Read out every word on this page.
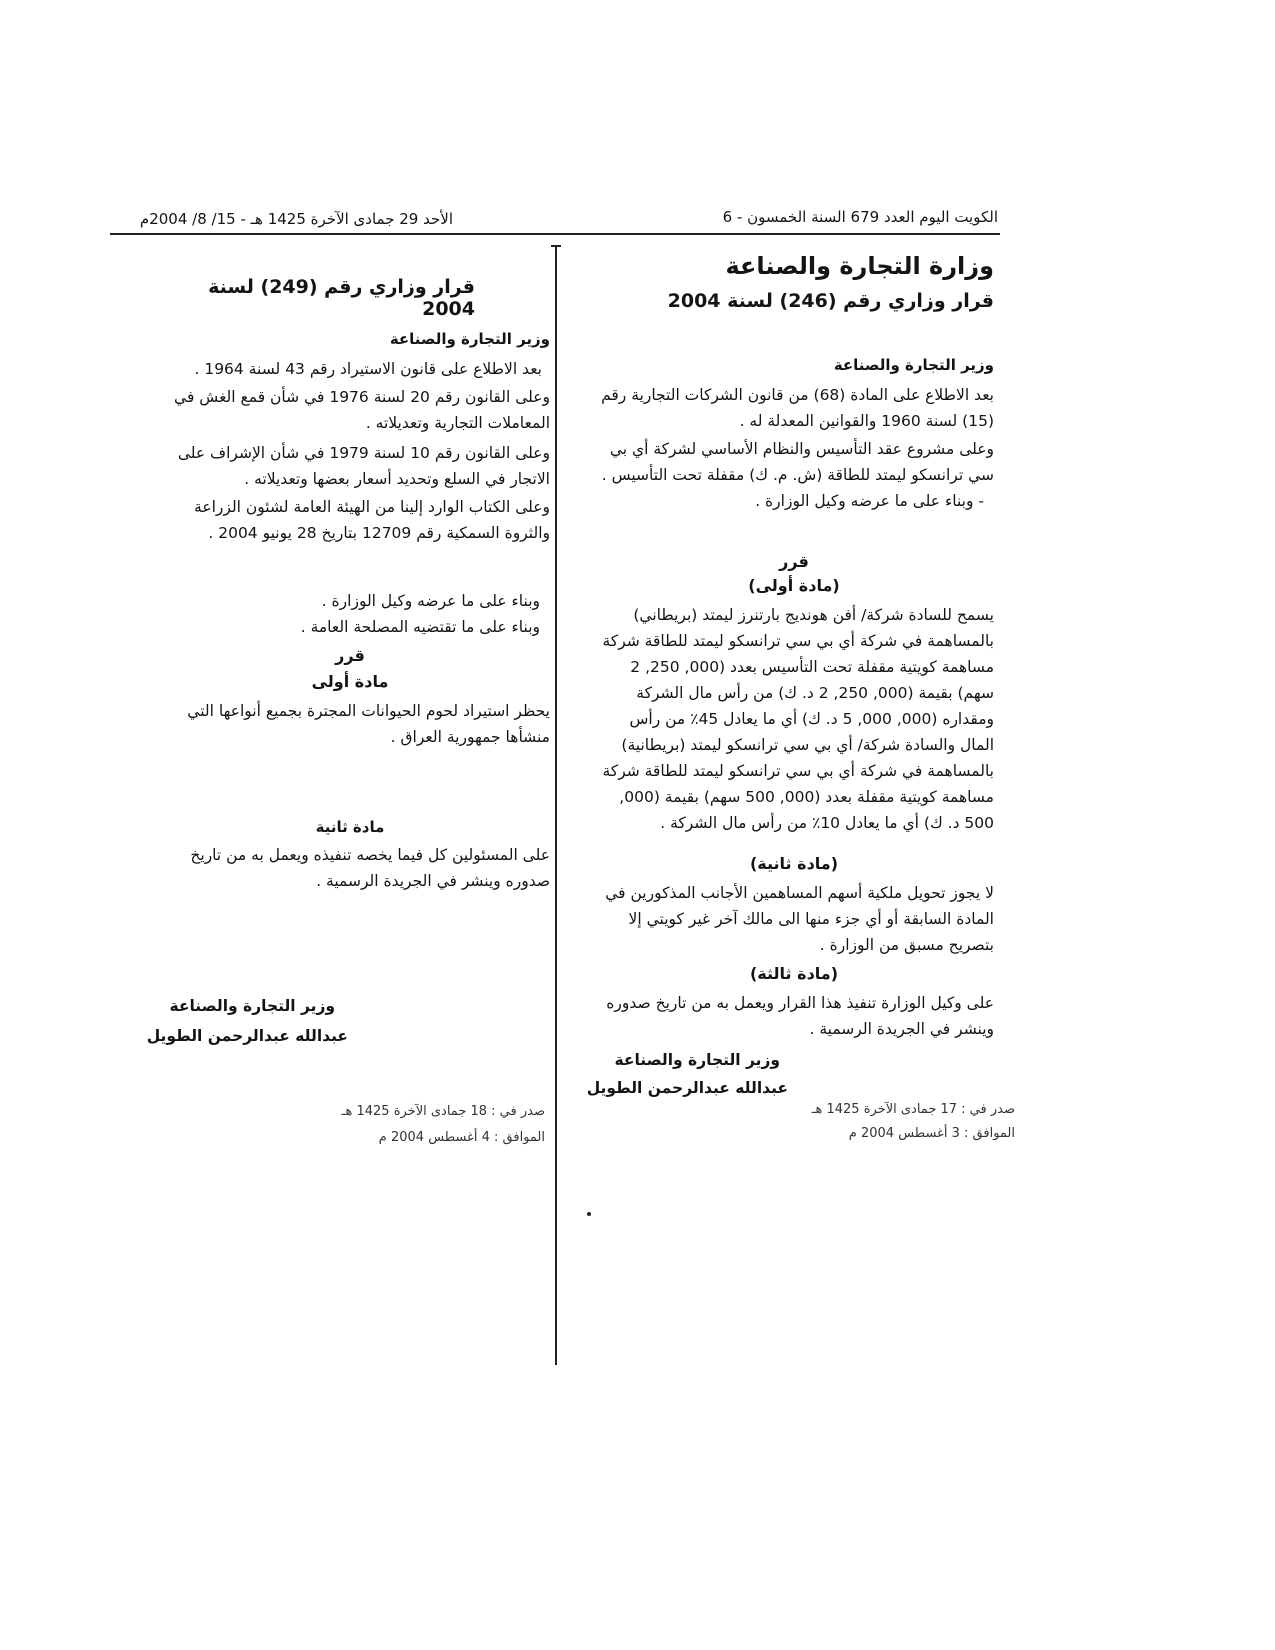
الكويت اليوم العدد 679 السنة الخمسون - 6
الأحد 29 جمادى الآخرة 1425 هـ - 15/ 8/ 2004م
وزارة التجارة والصناعة
قرار وزاري رقم (246) لسنة 2004
وزير التجارة والصناعة

بعد الاطلاع على المادة (68) من قانون الشركات التجارية رقم (15) لسنة 1960 والقوانين المعدلة له .

وعلى مشروع عقد التأسيس والنظام الأساسي لشركة أي بي سي ترانسكو ليمتد للطاقة (ش. م. ك) مقفلة تحت التأسيس .

- وبناء على ما عرضه وكيل الوزارة .

قرر
(مادة أولى)

يسمح للسادة شركة/ أفن هونديج بارتنرز ليمتد (بريطاني) بالمساهمة في شركة أي بي سي ترانسكو ليمتد للطاقة شركة مساهمة كويتية مقفلة تحت التأسيس بعدد (000, 250, 2 سهم) بقيمة (000, 250, 2 د. ك) من رأس مال الشركة ومقداره (000, 000, 5 د. ك) أي ما يعادل 45٪ من رأس المال والسادة شركة/ أي بي سي ترانسكو ليمتد (بريطانية) بالمساهمة في شركة أي بي سي ترانسكو ليمتد للطاقة شركة مساهمة كويتية مقفلة بعدد (000, 500 سهم) بقيمة (000, 500 د. ك) أي ما يعادل 10٪ من رأس مال الشركة .

(مادة ثانية)

لا يجوز تحويل ملكية أسهم المساهمين الأجانب المذكورين في المادة السابقة أو أي جزء منها الى مالك آخر غير كويتي إلا بتصريح مسبق من الوزارة .

(مادة ثالثة)

على وكيل الوزارة تنفيذ هذا القرار ويعمل به من تاريخ صدوره وينشر في الجريدة الرسمية .

وزير التجارة والصناعة
عبدالله عبدالرحمن الطويل
صدر في : 17 جمادى الآخرة 1425 هـ
الموافق : 3 أغسطس 2004 م
قرار وزاري رقم (249) لسنة 2004
وزير التجارة والصناعة

بعد الاطلاع على قانون الاستيراد رقم 43 لسنة 1964 .

وعلى القانون رقم 20 لسنة 1976 في شأن قمع الغش في المعاملات التجارية وتعديلاته .

وعلى القانون رقم 10 لسنة 1979 في شأن الإشراف على الاتجار في السلع وتحديد أسعار بعضها وتعديلاته .

وعلى الكتاب الوارد إلينا من الهيئة العامة لشئون الزراعة والثروة السمكية رقم 12709 بتاريخ 28 يونيو 2004 .

وبناء على ما عرضه وكيل الوزارة .

وبناء على ما تقتضيه المصلحة العامة .

قرر
مادة أولى

يحظر استيراد لحوم الحيوانات المجترة بجميع أنواعها التي منشأها جمهورية العراق .

مادة ثانية

على المسئولين كل فيما يخصه تنفيذه ويعمل به من تاريخ صدوره وينشر في الجريدة الرسمية .

وزير التجارة والصناعة
عبدالله عبدالرحمن الطويل
صدر في : 18 جمادى الآخرة 1425 هـ
الموافق : 4 أغسطس 2004 م
